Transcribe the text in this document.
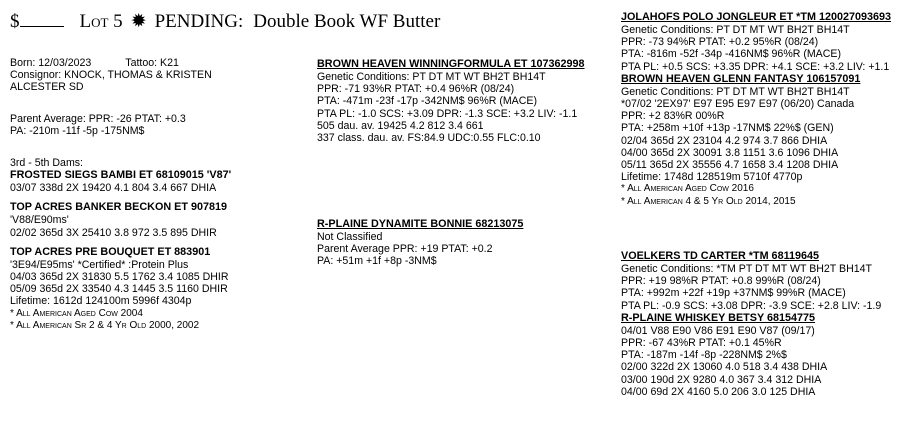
$	Lot 5 ✹ PENDING: Double Book WF Butter
Born: 12/03/2023	Tattoo: K21
Consignor: KNOCK, THOMAS & KRISTEN
ALCESTER SD
Parent Average: PPR: -26 PTAT: +0.3
PA: -210m -11f -5p -175NM$
3rd - 5th Dams:
FROSTED SIEGS BAMBI ET 68109015 'V87'
03/07 338d 2X 19420 4.1 804 3.4 667 DHIA
TOP ACRES BANKER BECKON ET 907819
'V88/E90ms'
02/02 365d 3X 25410 3.8 972 3.5 895 DHIR
TOP ACRES PRE BOUQUET ET 883901
'3E94/E95ms' *Certified* :Protein Plus
04/03 365d 2X 31830 5.5 1762 3.4 1085 DHIR
05/09 365d 2X 33540 4.3 1445 3.5 1160 DHIR
Lifetime: 1612d 124100m 5996f 4304p
* All American Aged Cow 2004
* All American Sr 2 & 4 Yr Old 2000, 2002
BROWN HEAVEN WINNINGFORMULA ET 107362998
Genetic Conditions: PT DT MT WT BH2T BH14T
PPR: -71 93%R PTAT: +0.4 96%R (08/24)
PTA: -471m -23f -17p -342NM$ 96%R (MACE)
PTA PL: -1.0 SCS: +3.09 DPR: -1.3 SCE: +3.2 LIV: -1.1
505 dau. av. 19425 4.2 812 3.4 661
337 class. dau. av. FS:84.9 UDC:0.55 FLC:0.10
R-PLAINE DYNAMITE BONNIE 68213075
Not Classified
Parent Average PPR: +19 PTAT: +0.2
PA: +51m +1f +8p -3NM$
JOLAHOFS POLO JONGLEUR ET *TM 120027093693
Genetic Conditions: PT DT MT WT BH2T BH14T
PPR: -73 94%R PTAT: +0.2 95%R (08/24)
PTA: -816m -52f -34p -416NM$ 96%R (MACE)
PTA PL: +0.5 SCS: +3.35 DPR: +4.1 SCE: +3.2 LIV: +1.1
BROWN HEAVEN GLENN FANTASY 106157091
Genetic Conditions: PT DT MT WT BH2T BH14T
*07/02 '2EX97' E97 E95 E97 E97 (06/20) Canada
PPR: +2 83%R 00%R
PTA: +258m +10f +13p -17NM$ 22%$ (GEN)
02/04 365d 2X 23104 4.2 974 3.7 866 DHIA
04/00 365d 2X 30091 3.8 1151 3.6 1096 DHIA
05/11 365d 2X 35556 4.7 1658 3.4 1208 DHIA
Lifetime: 1748d 128519m 5710f 4770p
* All American Aged Cow 2016
* All American 4 & 5 Yr Old 2014, 2015
VOELKERS TD CARTER *TM 68119645
Genetic Conditions: *TM PT DT MT WT BH2T BH14T
PPR: +19 98%R PTAT: +0.8 99%R (08/24)
PTA: +992m +22f +19p +37NM$ 99%R (MACE)
PTA PL: -0.9 SCS: +3.08 DPR: -3.9 SCE: +2.8 LIV: -1.9
R-PLAINE WHISKEY BETSY 68154775
04/01 V88 E90 V86 E91 E90 V87 (09/17)
PPR: -67 43%R PTAT: +0.1 45%R
PTA: -187m -14f -8p -228NM$ 2%$
02/00 322d 2X 13060 4.0 518 3.4 438 DHIA
03/00 190d 2X 9280 4.0 367 3.4 312 DHIA
04/00 69d 2X 4160 5.0 206 3.0 125 DHIA
